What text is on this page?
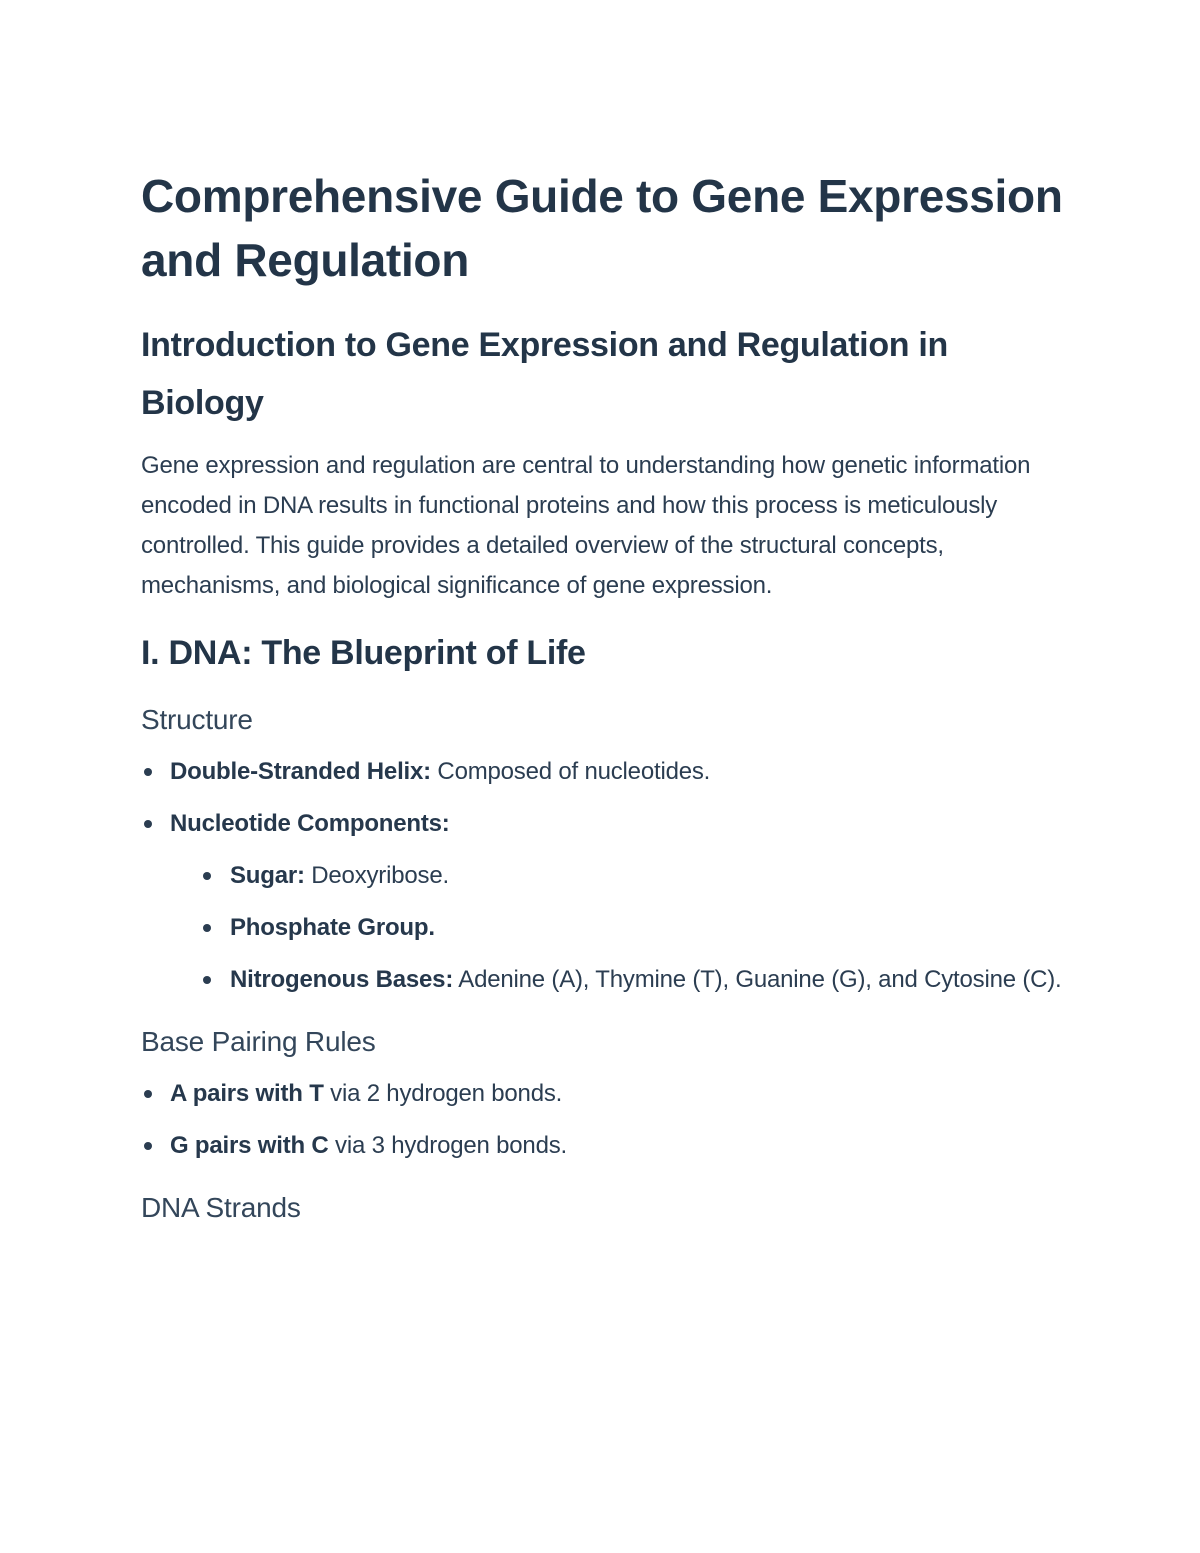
Comprehensive Guide to Gene Expression and Regulation
Introduction to Gene Expression and Regulation in Biology

Gene expression and regulation are central to understanding how genetic information encoded in DNA results in functional proteins and how this process is meticulously controlled. This guide provides a detailed overview of the structural concepts, mechanisms, and biological significance of gene expression.

I. DNA: The Blueprint of Life
Structure
Double-Stranded Helix: Composed of nucleotides.
Nucleotide Components:
Sugar: Deoxyribose.
Phosphate Group.
Nitrogenous Bases: Adenine (A), Thymine (T), Guanine (G), and Cytosine (C).
Base Pairing Rules
A pairs with T via 2 hydrogen bonds.
G pairs with C via 3 hydrogen bonds.
DNA Strands
